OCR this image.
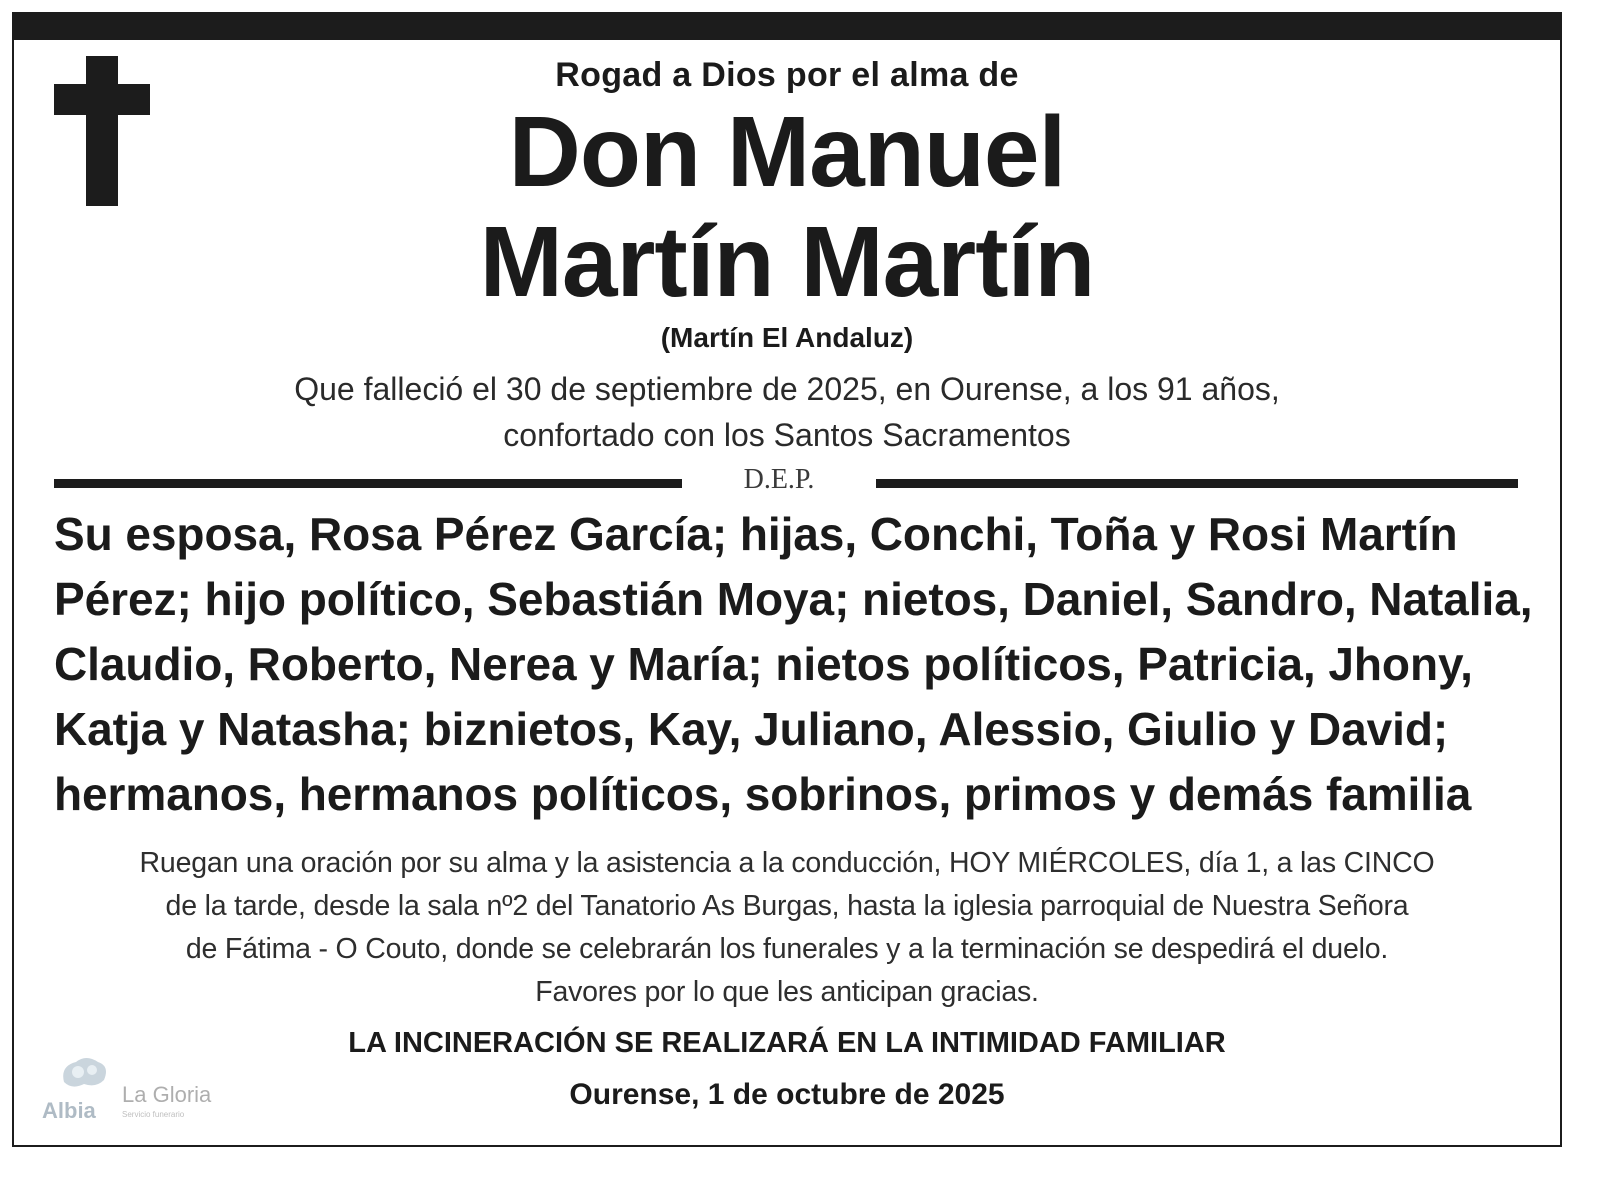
Rogad a Dios por el alma de
Don Manuel
Martín Martín
(Martín El Andaluz)
Que falleció el 30 de septiembre de 2025, en Ourense, a los 91 años,
confortado con los Santos Sacramentos
D.E.P.
Su esposa, Rosa Pérez García; hijas, Conchi, Toña y Rosi Martín
Pérez; hijo político, Sebastián Moya; nietos, Daniel, Sandro, Natalia,
Claudio, Roberto, Nerea y María; nietos políticos, Patricia, Jhony,
Katja y Natasha; biznietos, Kay, Juliano, Alessio, Giulio y David;
hermanos, hermanos políticos, sobrinos, primos y demás familia
Ruegan una oración por su alma y la asistencia a la conducción, HOY MIÉRCOLES, día 1, a las CINCO
de la tarde, desde la sala nº2 del Tanatorio As Burgas, hasta la iglesia parroquial de Nuestra Señora
de Fátima - O Couto, donde se celebrarán los funerales y a la terminación se despedirá el duelo.
Favores por lo que les anticipan gracias.
LA INCINERACIÓN SE REALIZARÁ EN LA INTIMIDAD FAMILIAR
Ourense, 1 de octubre de 2025
Albia
La Gloria
Servicio funerario
